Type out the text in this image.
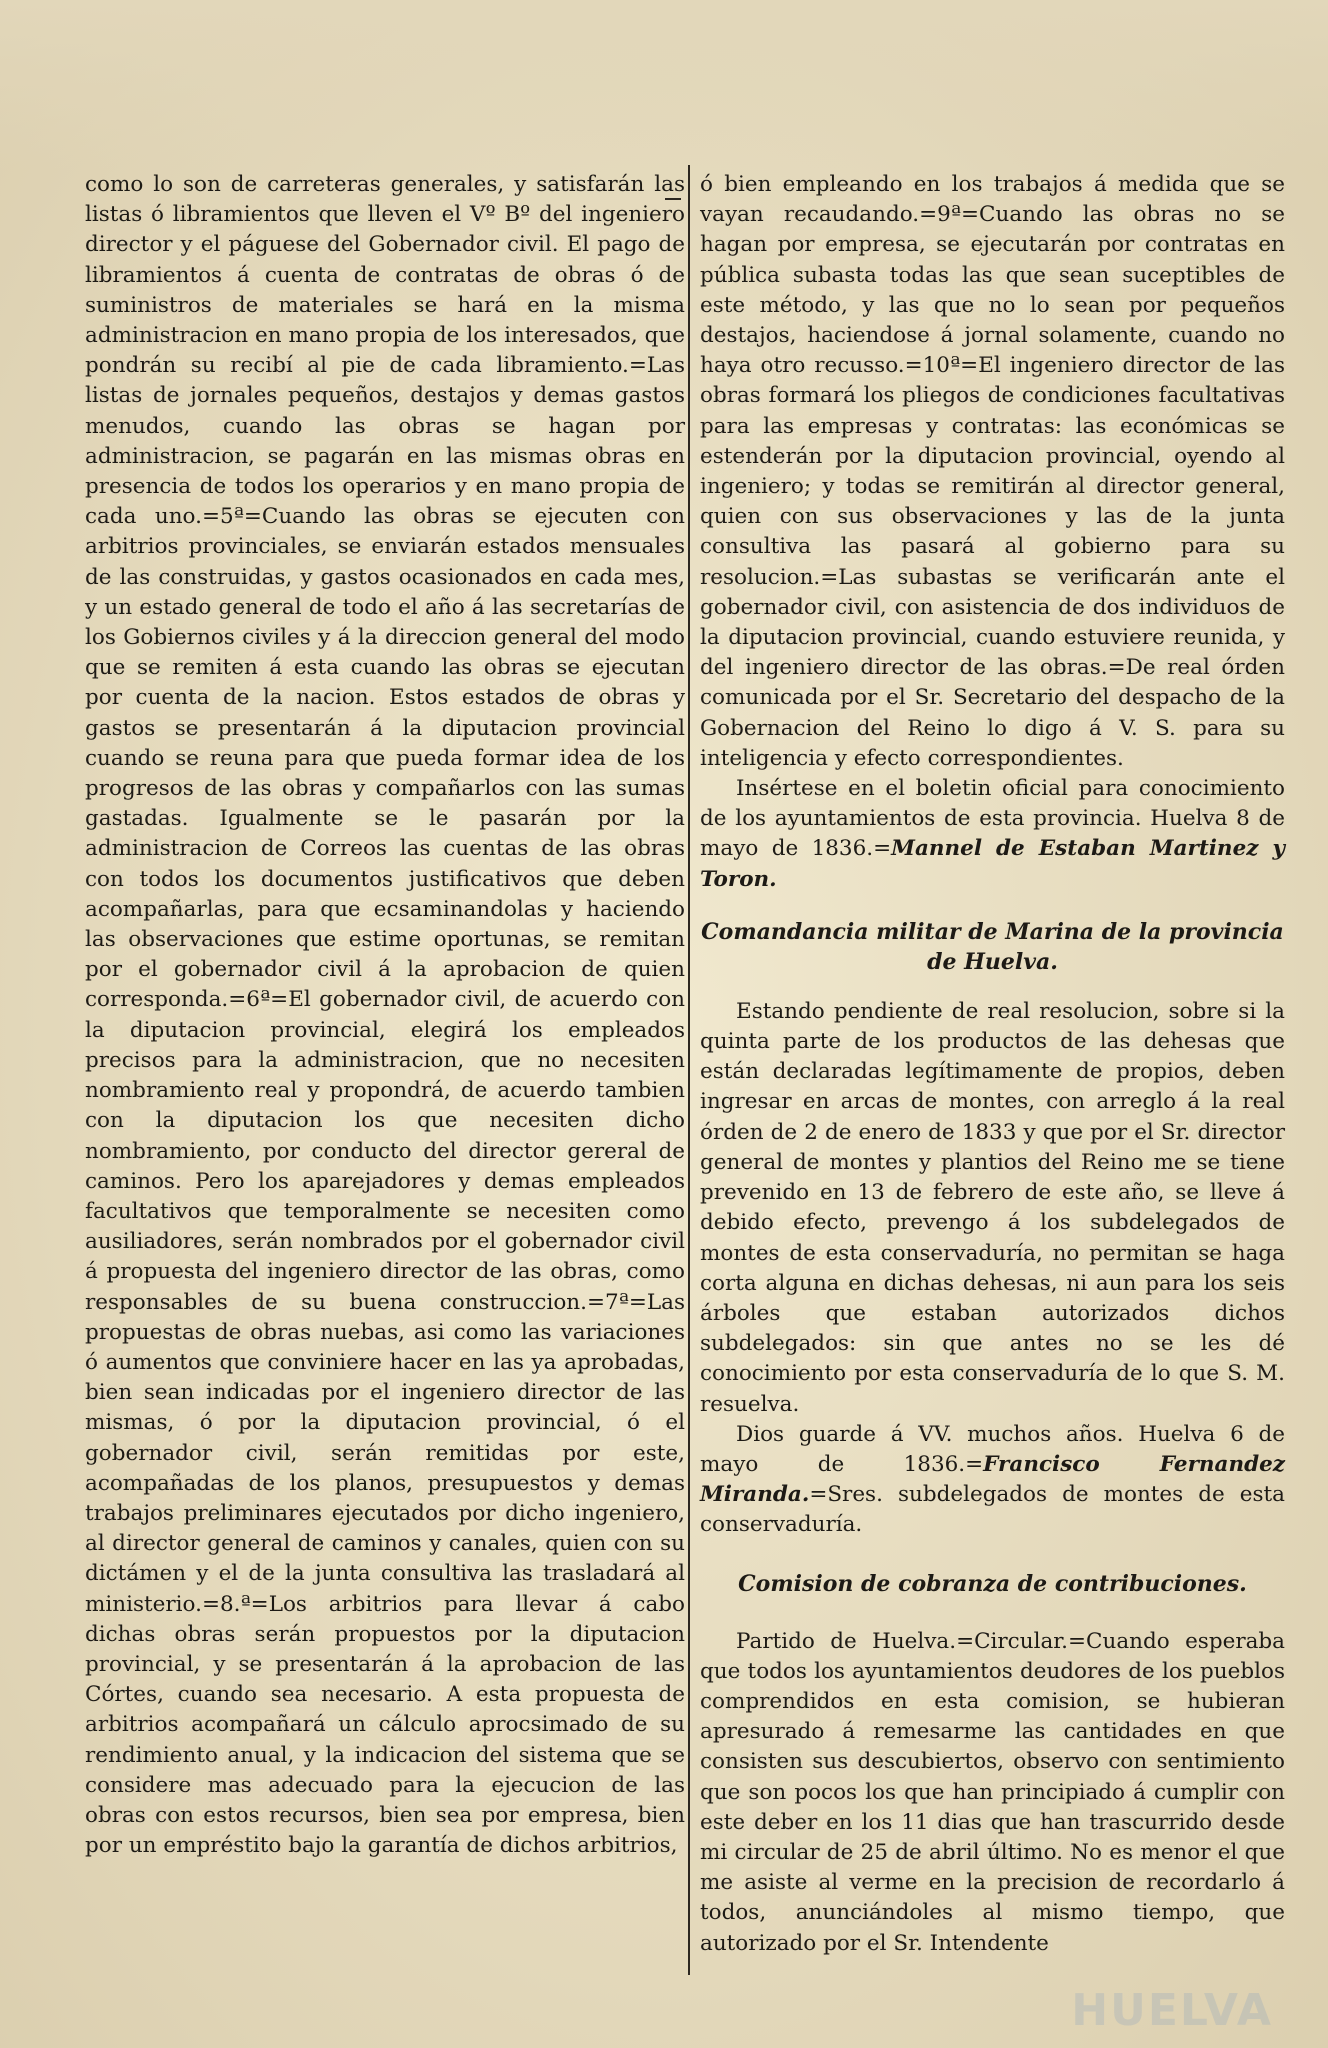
como lo son de carreteras generales, y satisfarán las listas ó libramientos que lleven el Vº Bº del ingeniero director y el páguese del Gobernador civil. El pago de libramientos á cuenta de contratas de obras ó de suministros de materiales se hará en la misma administracion en mano propia de los interesados, que pondrán su recibí al pie de cada libramiento.=Las listas de jornales pequeños, destajos y demas gastos menudos, cuando las obras se hagan por administracion, se pagarán en las mismas obras en presencia de todos los operarios y en mano propia de cada uno.=5ª=Cuando las obras se ejecuten con arbitrios provinciales, se enviarán estados mensuales de las construidas, y gastos ocasionados en cada mes, y un estado general de todo el año á las secretarías de los Gobiernos civiles y á la direccion general del modo que se remiten á esta cuando las obras se ejecutan por cuenta de la nacion. Estos estados de obras y gastos se presentarán á la diputacion provincial cuando se reuna para que pueda formar idea de los progresos de las obras y compañarlos con las sumas gastadas. Igualmente se le pasarán por la administracion de Correos las cuentas de las obras con todos los documentos justificativos que deben acompañarlas, para que ecsaminandolas y haciendo las observaciones que estime oportunas, se remitan por el gobernador civil á la aprobacion de quien corresponda.=6ª=El gobernador civil, de acuerdo con la diputacion provincial, elegirá los empleados precisos para la administracion, que no necesiten nombramiento real y propondrá, de acuerdo tambien con la diputacion los que necesiten dicho nombramiento, por conducto del director gereral de caminos. Pero los aparejadores y demas empleados facultativos que temporalmente se necesiten como ausiliadores, serán nombrados por el gobernador civil á propuesta del ingeniero director de las obras, como responsables de su buena construccion.=7ª=Las propuestas de obras nuebas, asi como las variaciones ó aumentos que conviniere hacer en las ya aprobadas, bien sean indicadas por el ingeniero director de las mismas, ó por la diputacion provincial, ó el gobernador civil, serán remitidas por este, acompañadas de los planos, presupuestos y demas trabajos preliminares ejecutados por dicho ingeniero, al director general de caminos y canales, quien con su dictámen y el de la junta consultiva las trasladará al ministerio.=8.ª=Los arbitrios para llevar á cabo dichas obras serán propuestos por la diputacion provincial, y se presentarán á la aprobacion de las Córtes, cuando sea necesario. A esta propuesta de arbitrios acompañará un cálculo aprocsimado de su rendimiento anual, y la indicacion del sistema que se considere mas adecuado para la ejecucion de las obras con estos recursos, bien sea por empresa, bien por un empréstito bajo la garantía de dichos arbitrios,

ó bien empleando en los trabajos á medida que se vayan recaudando.=9ª=Cuando las obras no se hagan por empresa, se ejecutarán por contratas en pública subasta todas las que sean suceptibles de este método, y las que no lo sean por pequeños destajos, haciendose á jornal solamente, cuando no haya otro recusso.=10ª=El ingeniero director de las obras formará los pliegos de condiciones facultativas para las empresas y contratas: las económicas se estenderán por la diputacion provincial, oyendo al ingeniero; y todas se remitirán al director general, quien con sus observaciones y las de la junta consultiva las pasará al gobierno para su resolucion.=Las subastas se verificarán ante el gobernador civil, con asistencia de dos individuos de la diputacion provincial, cuando estuviere reunida, y del ingeniero director de las obras.=De real órden comunicada por el Sr. Secretario del despacho de la Gobernacion del Reino lo digo á V. S. para su inteligencia y efecto correspondientes.

Insértese en el boletin oficial para conocimiento de los ayuntamientos de esta provincia. Huelva 8 de mayo de 1836.=Mannel de Estaban Martinez y Toron.

Comandancia militar de Marina de la provincia de Huelva.

Estando pendiente de real resolucion, sobre si la quinta parte de los productos de las dehesas que están declaradas legítimamente de propios, deben ingresar en arcas de montes, con arreglo á la real órden de 2 de enero de 1833 y que por el Sr. director general de montes y plantios del Reino me se tiene prevenido en 13 de febrero de este año, se lleve á debido efecto, prevengo á los subdelegados de montes de esta conservaduría, no permitan se haga corta alguna en dichas dehesas, ni aun para los seis árboles que estaban autorizados dichos subdelegados: sin que antes no se les dé conocimiento por esta conservaduría de lo que S. M. resuelva.

Dios guarde á VV. muchos años. Huelva 6 de mayo de 1836.=Francisco Fernandez Miranda.=Sres. subdelegados de montes de esta conservaduría.

Comision de cobranza de contribuciones.

Partido de Huelva.=Circular.=Cuando esperaba que todos los ayuntamientos deudores de los pueblos comprendidos en esta comision, se hubieran apresurado á remesarme las cantidades en que consisten sus descubiertos, observo con sentimiento que son pocos los que han principiado á cumplir con este deber en los 11 dias que han trascurrido desde mi circular de 25 de abril último. No es menor el que me asiste al verme en la precision de recordarlo á todos, anunciándoles al mismo tiempo, que autorizado por el Sr. Intendente

HUELVA
